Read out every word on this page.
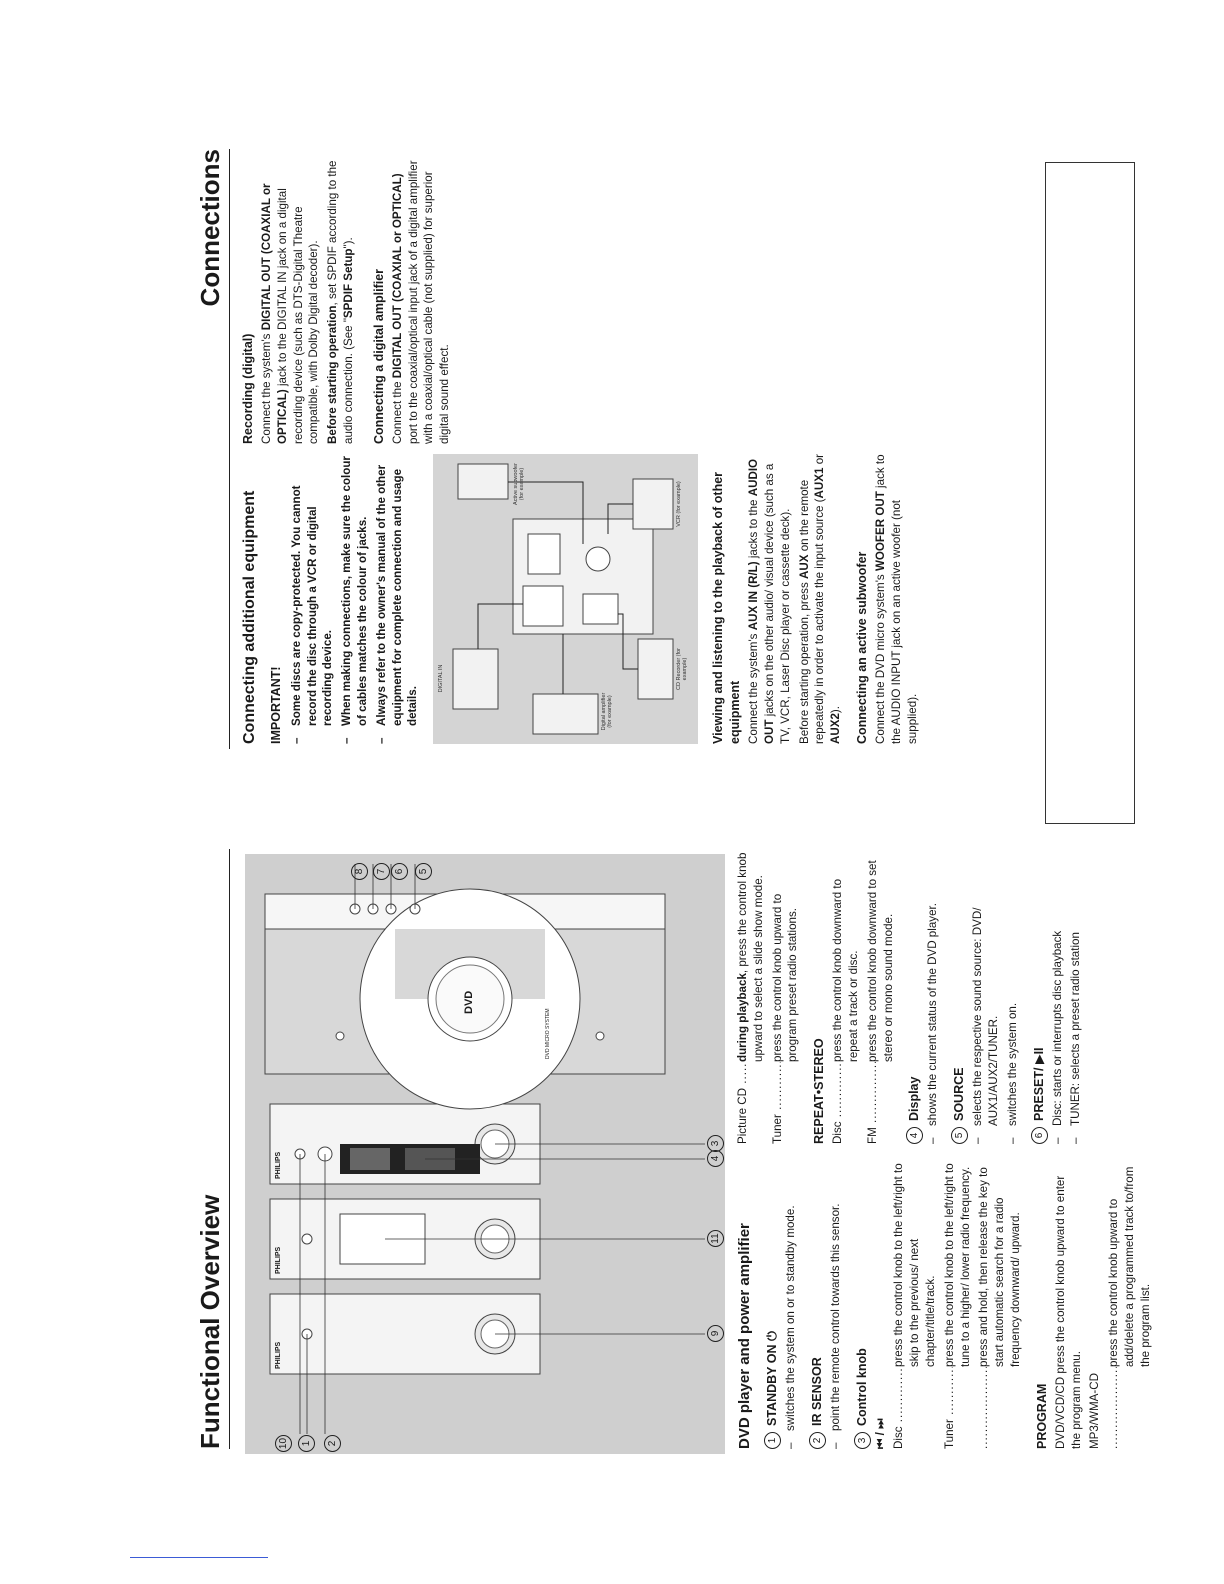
Functional Overview	PHILIPS
PHILIPS
PHILIPS
DVD
DVD MICRO SYSTEM
1	2
3
4
5
6
7
8
9
10
11 DVD player and power amplifier	1STANDBY ON ⏻ – switches the system on or to standby mode.
2IR SENSOR – point the remote control towards this sensor.
3Control knob
⏮ / ⏭ Disc .....
press the control knob to the left/right to skip to the previous/ next chapter/title/track.
Tuner .....
press the control knob to the left/right to tune to a higher/ lower radio frequency.
..... press and hold, then release the key to start automatic search for a radio frequency downward/ upward.
PROGRAM DVD/VCD/CD press the control knob upward to enter the program menu. MP3/WMA-CD
.....
press the control knob upward to add/delete a programmed track to/from the program list.
Picture CD .....
during playback, press the control knob upward to select a slide show mode.
Tuner .....
press the control knob upward to program preset radio stations.
REPEAT•STEREO Disc .....
press the control knob downward to repeat a track or disc.
FM .....
press the control knob downward to set stereo or mono sound mode.
4Display – shows the current status of the DVD player.
5SOURCE – selects the respective sound source: DVD/ AUX1/AUX2/TUNER. – switches the system on.
6PRESET/ ▶II – Disc: starts or interrupts disc playback – TUNER: selects a preset radio station
Connections
Connecting additional equipment IMPORTANT! – Some discs are copy-protected. You cannot record the disc through a VCR or digital recording device. – When making connections, make sure the colour of cables matches the colour of jacks. – Always refer to the owner's manual of the other equipment for complete connection and usage details.	Digital amplifier (for example)
Active subwoofer (for example)
CD Recorder (for example)
VCR (for example)
DIGITAL IN	Viewing and listening to the playback of other equipment Connect the system's AUX IN (R/L) jacks to the AUDIO OUT jacks on the other audio/ visual device (such as a TV, VCR, Laser Disc player or cassette deck). Before starting operation, press AUX on the remote repeatedly in order to activate the input source (AUX1 or AUX2). Connecting an active subwoofer Connect the DVD micro system's WOOFER OUT jack to the AUDIO INPUT jack on an active woofer (not supplied).
Recording (digital) Connect the system's DIGITAL OUT (COAXIAL or OPTICAL) jack to the DIGITAL IN jack on a digital recording device (such as DTS-Digital Theatre compatible, with Dolby Digital decoder). Before starting operation, set SPDIF according to the audio connection. (See "SPDIF Setup").
Connecting a digital amplifier Connect the DIGITAL OUT (COAXIAL or OPTICAL) port to the coaxial/optical input jack of a digital amplifier with a coaxial/optical cable (not supplied) for superior digital sound effect.
